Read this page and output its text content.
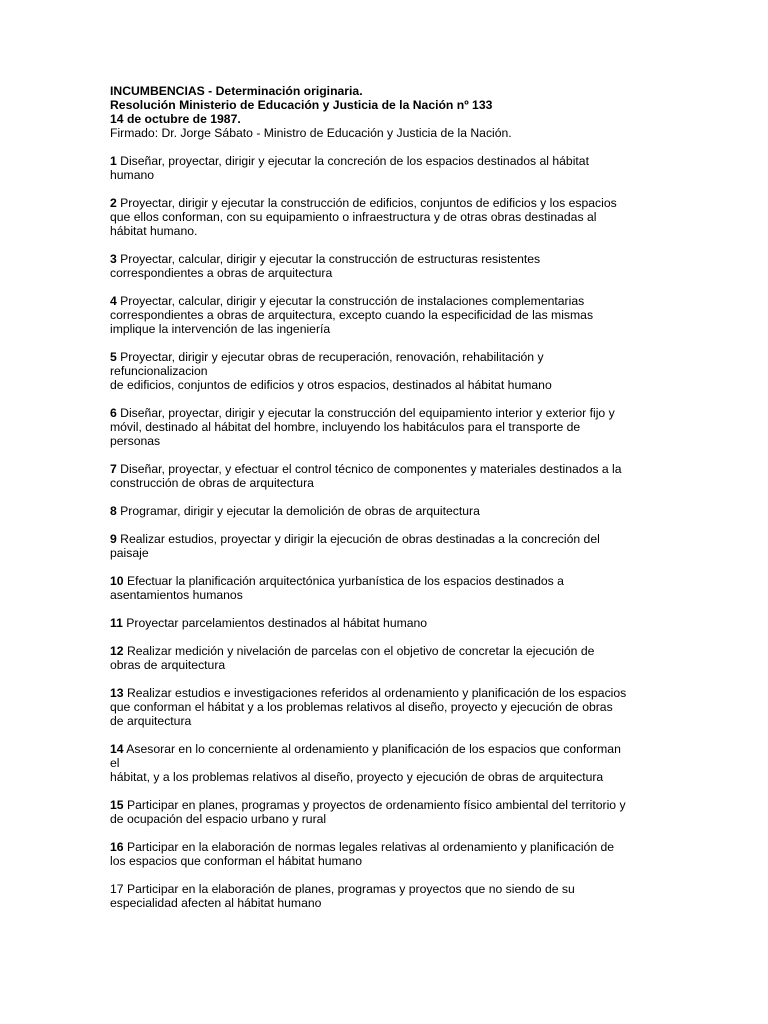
INCUMBENCIAS - Determinación originaria.
Resolución Ministerio de Educación y Justicia de la Nación nº 133
14 de octubre de 1987.
Firmado: Dr. Jorge Sábato - Ministro de Educación y Justicia de la Nación.
1 Diseñar, proyectar, dirigir y ejecutar la concreción de los espacios destinados al hábitat
humano
2 Proyectar, dirigir y ejecutar la construcción de edificios, conjuntos de edificios y los espacios
que ellos conforman, con su equipamiento o infraestructura y de otras obras destinadas al
hábitat humano.
3 Proyectar, calcular, dirigir y ejecutar la construcción de estructuras resistentes
correspondientes a obras de arquitectura
4 Proyectar, calcular, dirigir y ejecutar la construcción de instalaciones complementarias
correspondientes a obras de arquitectura, excepto cuando la especificidad de las mismas
implique la intervención de las ingeniería
5 Proyectar, dirigir y ejecutar obras de recuperación, renovación, rehabilitación y
refuncionalizacion
de edificios, conjuntos de edificios y otros espacios, destinados al hábitat humano
6 Diseñar, proyectar, dirigir y ejecutar la construcción del equipamiento interior y exterior fijo y
móvil, destinado al hábitat del hombre, incluyendo los habitáculos para el transporte de
personas
7 Diseñar, proyectar, y efectuar el control técnico de componentes y materiales destinados a la
construcción de obras de arquitectura
8 Programar, dirigir y ejecutar la demolición de obras de arquitectura
9 Realizar estudios, proyectar y dirigir la ejecución de obras destinadas a la concreción del
paisaje
10 Efectuar la planificación arquitectónica yurbanística de los espacios destinados a
asentamientos humanos
11 Proyectar parcelamientos destinados al hábitat humano
12 Realizar medición y nivelación de parcelas con el objetivo de concretar la ejecución de
obras de arquitectura
13 Realizar estudios e investigaciones referidos al ordenamiento y planificación de los espacios
que conforman el hábitat y a los problemas relativos al diseño, proyecto y ejecución de obras
de arquitectura
14 Asesorar en lo concerniente al ordenamiento y planificación de los espacios que conforman
el
hábitat, y a los problemas relativos al diseño, proyecto y ejecución de obras de arquitectura
15 Participar en planes, programas y proyectos de ordenamiento físico ambiental del territorio y
de ocupación del espacio urbano y rural
16 Participar en la elaboración de normas legales relativas al ordenamiento y planificación de
los espacios que conforman el hábitat humano
17 Participar en la elaboración de planes, programas y proyectos que no siendo de su
especialidad afecten al hábitat humano
